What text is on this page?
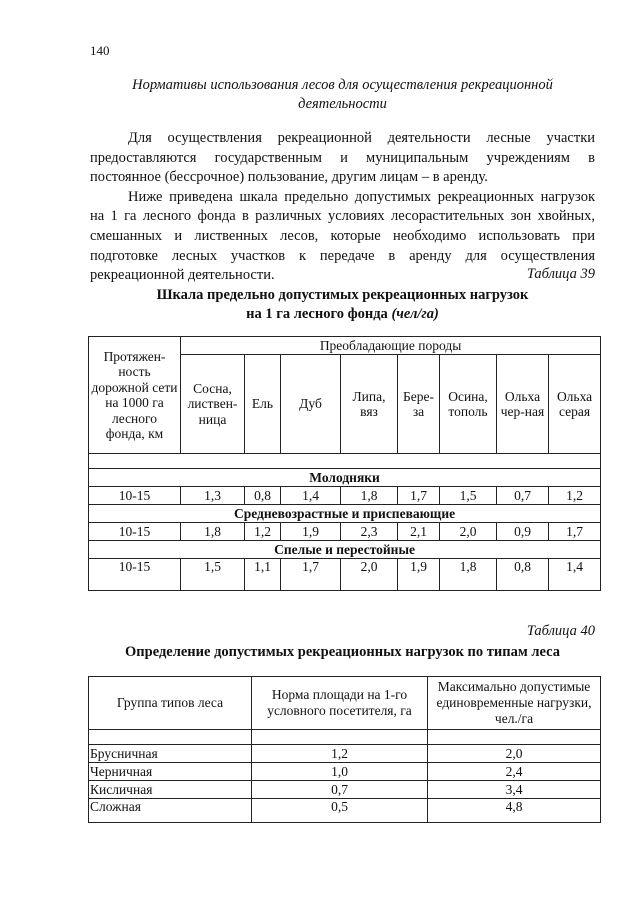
140
Нормативы использования лесов для осуществления рекреационной деятельности

Для осуществления рекреационной деятельности лесные участки предоставляются государственным и муниципальным учреждениям в постоянное (бессрочное) пользование, другим лицам – в аренду.

Ниже приведена шкала предельно допустимых рекреационных нагрузок на 1 га лесного фонда в различных условиях лесорастительных зон хвойных, смешанных и лиственных лесов, которые необходимо использовать при подготовке лесных участков к передаче в аренду для осуществления рекреационной деятельности.	Таблица 39
Шкала предельно допустимых рекреационных нагрузок
на 1 га лесного фонда (чел/га)
Протяжен-ность дорожной сети на 1000 га лесного фонда, км	Преобладающие породы							
	Сосна, листвен-ница	Ель	Дуб	Липа, вяз	Бере-за	Осина, тополь	Ольха чер-ная	Ольха серая

Молодняки								
10-15	1,3	0,8	1,4	1,8	1,7	1,5	0,7	1,2
Средневозрастные и приспевающие								
10-15	1,8	1,2	1,9	2,3	2,1	2,0	0,9	1,7
Спелые и перестойные								
10-15	1,5	1,1	1,7	2,0	1,9	1,8	0,8	1,4
Таблица 40
Определение допустимых рекреационных нагрузок по типам леса
Группа типов леса	Норма площади на 1-го условного посетителя, га	Максимально допустимые единовременные нагрузки, чел./га

Брусничная	1,2	2,0
Черничная	1,0	2,4
Кисличная	0,7	3,4
Сложная	0,5	4,8
